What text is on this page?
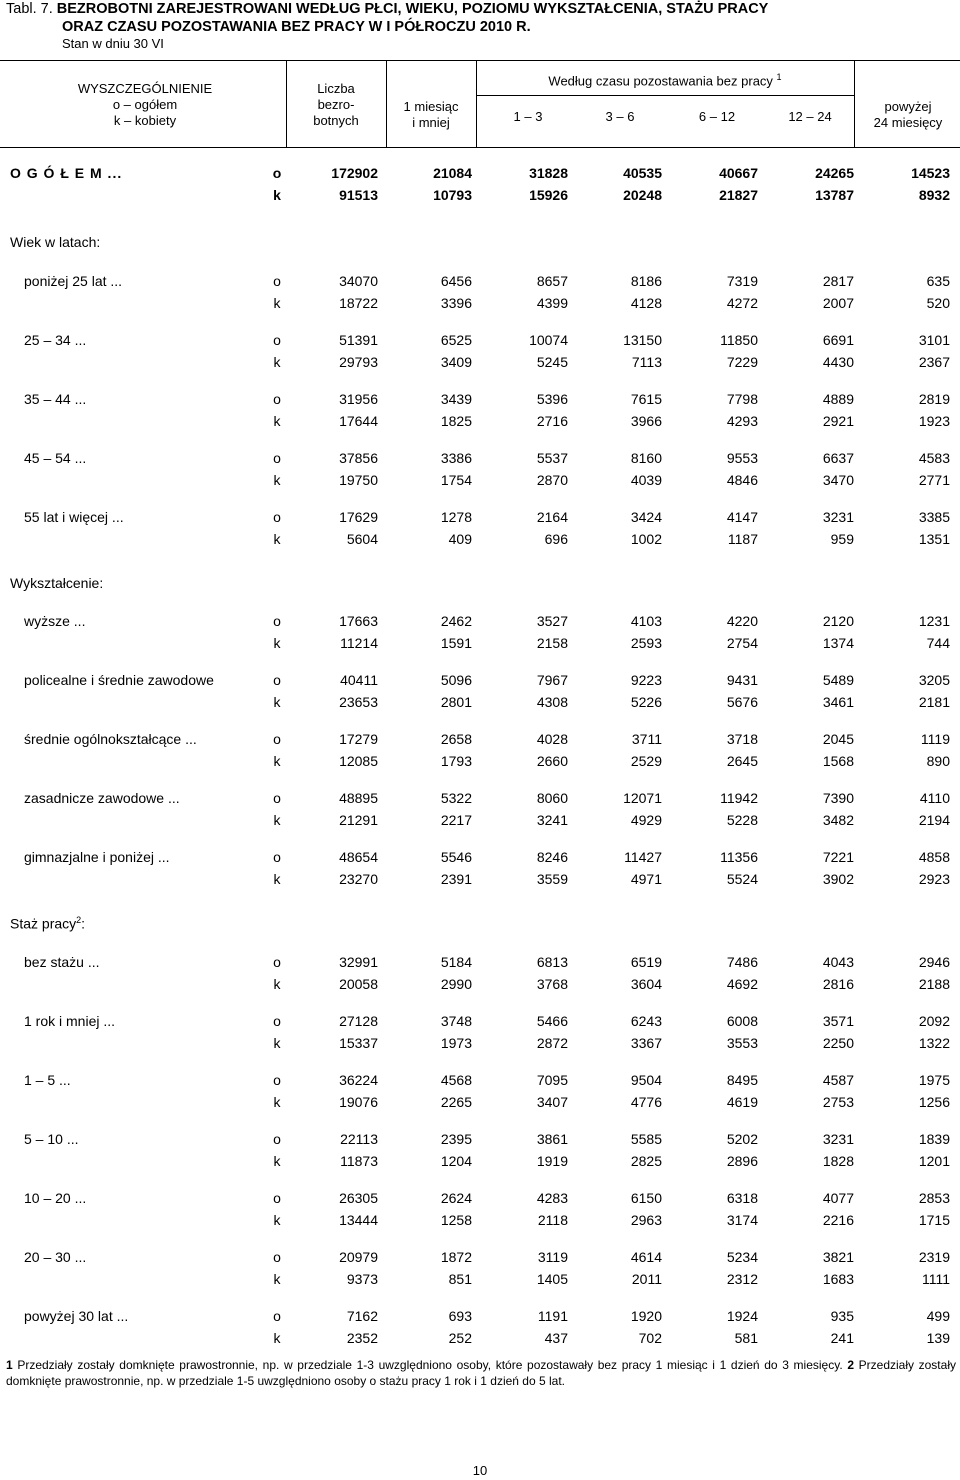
Tabl. 7. BEZROBOTNI ZAREJESTROWANI WEDŁUG PŁCI, WIEKU, POZIOMU WYKSZTAŁCENIA, STAŻU PRACY
ORAZ CZASU POZOSTAWANIA BEZ PRACY W I PÓŁROCZU 2010 R.
Stan w dniu 30 VI
WYSZCZEGÓLNIENIE
o – ogółem
k – kobiety
Liczba
bezro-
botnych
Według czasu pozostawania bez pracy $^1$
1 miesiąc
i mniej	1 – 3	3 – 6	6 – 12	12 – 24
powyżej
24 miesięcy
Wiek w latach:
Wykształcenie:
Staż pracy$^2$:
O G Ó Ł E M ...	o	172902	21084	31828	40535	40667	24265	14523
k	91513	10793	15926	20248	21827	13787	8932
poniżej 25 lat ...	o	34070	6456	8657	8186	7319	2817	635
k	18722	3396	4399	4128	4272	2007	520
25 – 34 ...	o	51391	6525	10074	13150	11850	6691	3101
k	29793	3409	5245	7113	7229	4430	2367
35 – 44 ...	o	31956	3439	5396	7615	7798	4889	2819
k	17644	1825	2716	3966	4293	2921	1923
45 – 54 ...	o	37856	3386	5537	8160	9553	6637	4583
k	19750	1754	2870	4039	4846	3470	2771
55 lat i więcej ...	o	17629	1278	2164	3424	4147	3231	3385
k	5604	409	696	1002	1187	959	1351
wyższe ...	o	17663	2462	3527	4103	4220	2120	1231
k	11214	1591	2158	2593	2754	1374	744
policealne i średnie zawodowe	o	40411	5096	7967	9223	9431	5489	3205
k	23653	2801	4308	5226	5676	3461	2181
średnie ogólnokształcące ...	o	17279	2658	4028	3711	3718	2045	1119
k	12085	1793	2660	2529	2645	1568	890
zasadnicze zawodowe ...	o	48895	5322	8060	12071	11942	7390	4110
k	21291	2217	3241	4929	5228	3482	2194
gimnazjalne i poniżej ...	o	48654	5546	8246	11427	11356	7221	4858
k	23270	2391	3559	4971	5524	3902	2923
bez stażu ...	o	32991	5184	6813	6519	7486	4043	2946
k	20058	2990	3768	3604	4692	2816	2188
1 rok i mniej ...	o	27128	3748	5466	6243	6008	3571	2092
k	15337	1973	2872	3367	3553	2250	1322
1 – 5 ...	o	36224	4568	7095	9504	8495	4587	1975
k	19076	2265	3407	4776	4619	2753	1256
5 – 10 ...	o	22113	2395	3861	5585	5202	3231	1839
k	11873	1204	1919	2825	2896	1828	1201
10 – 20 ...	o	26305	2624	4283	6150	6318	4077	2853
k	13444	1258	2118	2963	3174	2216	1715
20 – 30 ...	o	20979	1872	3119	4614	5234	3821	2319
k	9373	851	1405	2011	2312	1683	1111
powyżej 30 lat ...	o	7162	693	1191	1920	1924	935	499
k	2352	252	437	702	581	241	139
1 Przedziały zostały domknięte prawostronnie, np. w przedziale 1-3 uwzględniono osoby, które pozostawały bez pracy 1 miesiąc i 1 dzień do 3 miesięcy. 2 Przedziały zostały domknięte prawostronnie, np. w przedziale 1-5 uwzględniono osoby o stażu pracy 1 rok i 1 dzień do 5 lat.
10
